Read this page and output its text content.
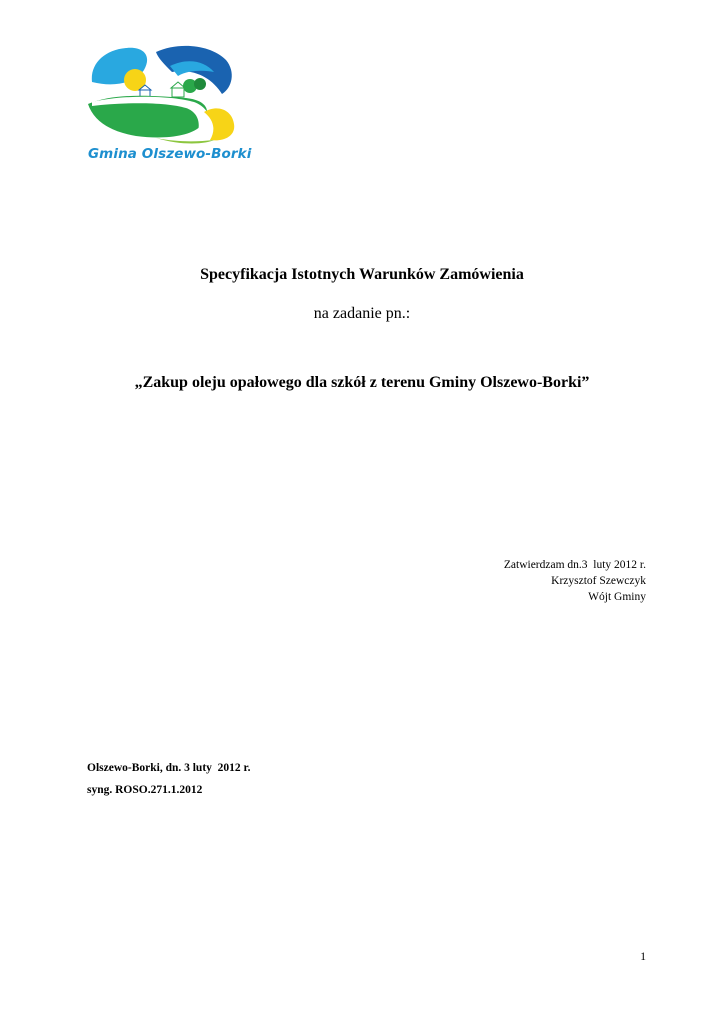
Gmina Olszewo-Borki
Specyfikacja Istotnych Warunków Zamówienia
na zadanie pn.:
„Zakup oleju opałowego dla szkół z terenu Gminy Olszewo-Borki”
Zatwierdzam dn.3  luty 2012 r.
Krzysztof Szewczyk
Wójt Gminy
Olszewo-Borki, dn. 3 luty  2012 r.
syng. ROSO.271.1.2012
1
